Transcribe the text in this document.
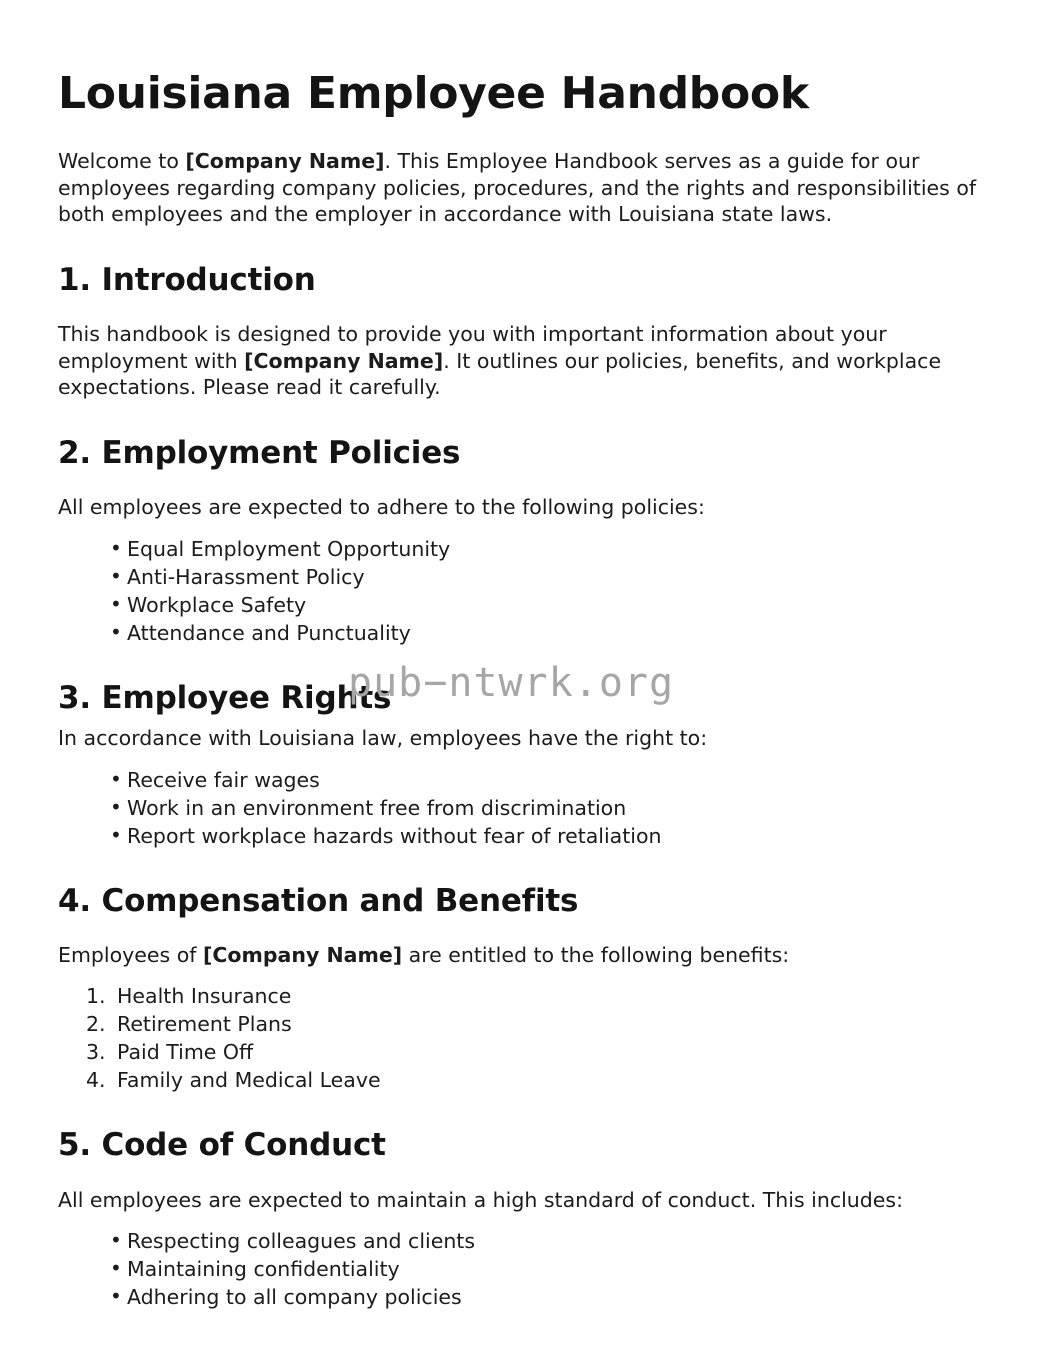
Louisiana Employee Handbook

Welcome to [Company Name]. This Employee Handbook serves as a guide for our employees regarding company policies, procedures, and the rights and responsibilities of both employees and the employer in accordance with Louisiana state laws.

1. Introduction

This handbook is designed to provide you with important information about your employment with [Company Name]. It outlines our policies, benefits, and workplace expectations. Please read it carefully.

2. Employment Policies

All employees are expected to adhere to the following policies:

• Equal Employment Opportunity
• Anti-Harassment Policy
• Workplace Safety
• Attendance and Punctuality
3. Employee Rights

In accordance with Louisiana law, employees have the right to:

• Receive fair wages
• Work in an environment free from discrimination
• Report workplace hazards without fear of retaliation
4. Compensation and Benefits

Employees of [Company Name] are entitled to the following benefits:

Health Insurance
Retirement Plans
Paid Time Off
Family and Medical Leave
5. Code of Conduct

All employees are expected to maintain a high standard of conduct. This includes:

• Respecting colleagues and clients
• Maintaining confidentiality
• Adhering to all company policies
pub−ntwrk.org
